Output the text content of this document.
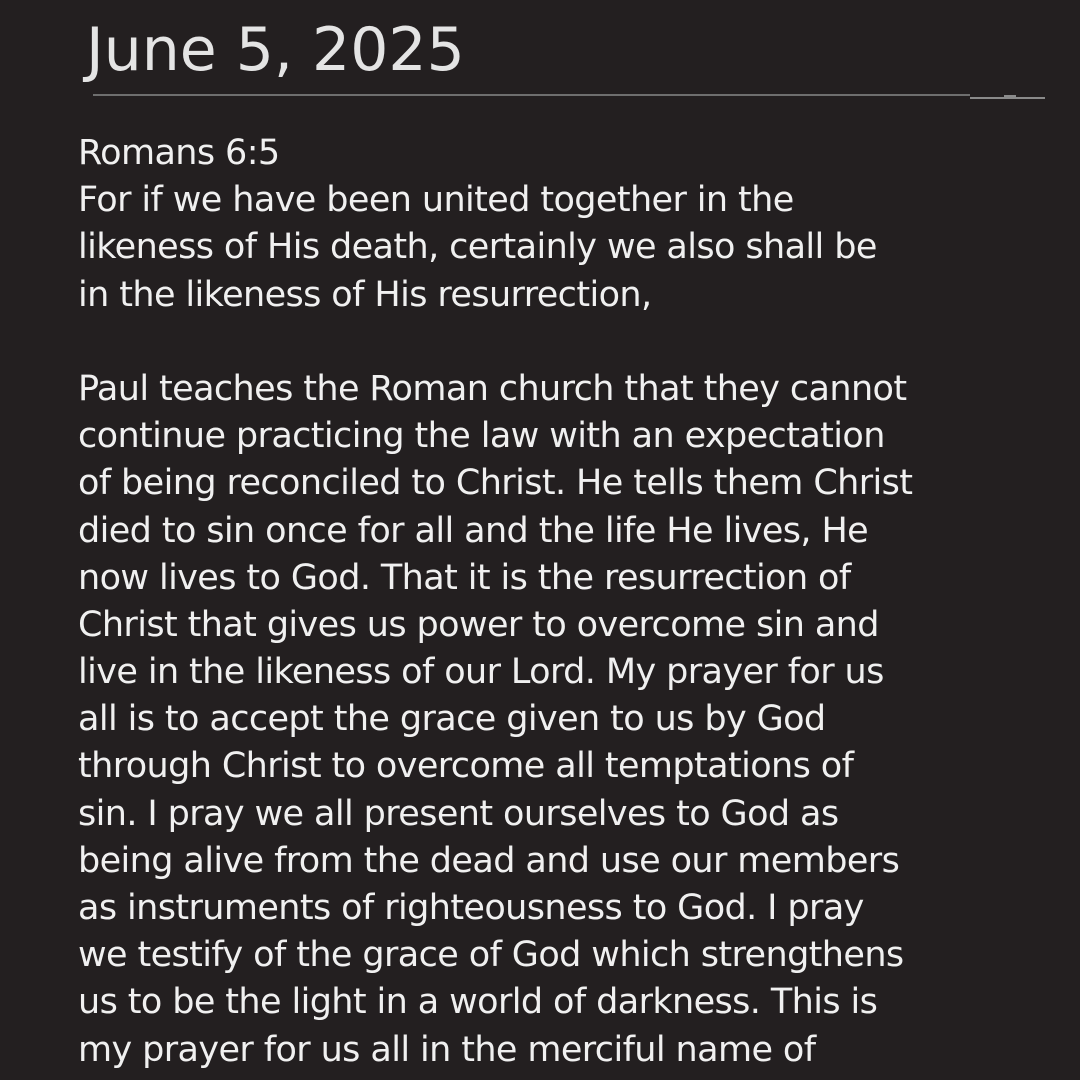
June 5, 2025
Romans 6:5
For if we have been united together in the
likeness of His death, certainly we also shall be
in the likeness of His resurrection,
Paul teaches the Roman church that they cannot
continue practicing the law with an expectation
of being reconciled to Christ. He tells them Christ
died to sin once for all and the life He lives, He
now lives to God. That it is the resurrection of
Christ that gives us power to overcome sin and
live in the likeness of our Lord. My prayer for us
all is to accept the grace given to us by God
through Christ to overcome all temptations of
sin. I pray we all present ourselves to God as
being alive from the dead and use our members
as instruments of righteousness to God. I pray
we testify of the grace of God which strengthens
us to be the light in a world of darkness. This is
my prayer for us all in the merciful name of
